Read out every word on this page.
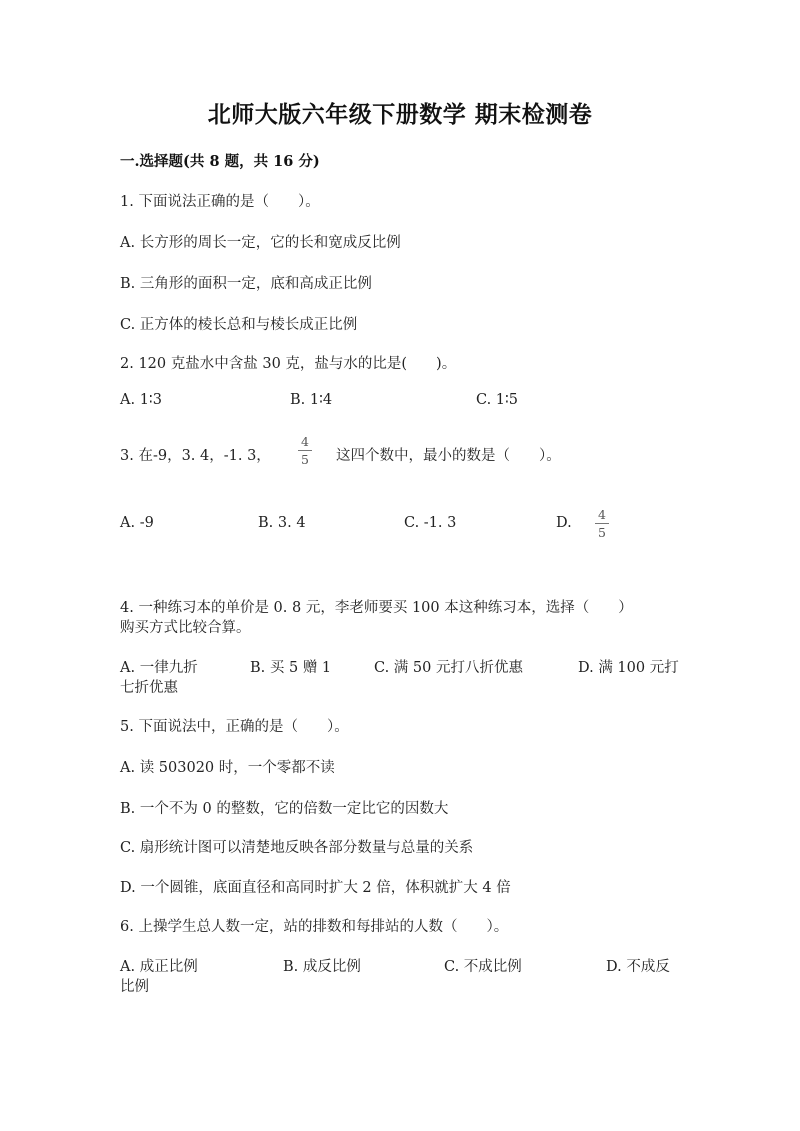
北师大版六年级下册数学 期末检测卷
一.选择题(共 8 题，共 16 分)
1. 下面说法正确的是（　　）。
A. 长方形的周长一定，它的长和宽成反比例
B. 三角形的面积一定，底和高成正比例
C. 正方体的棱长总和与棱长成正比例
2. 120 克盐水中含盐 30 克，盐与水的比是(　　)。
A. 1∶3	B. 1∶4	C. 1∶5
3. 在-9，3. 4，-1. 3，
4
5 这四个数中，最小的数是（　　）。
A. -9	B. 3. 4	C. -1. 3	D.
4
5
4. 一种练习本的单价是 0. 8 元，李老师要买 100 本这种练习本，选择（　　）
购买方式比较合算。
A. 一律九折	B. 买 5 赠 1	C. 满 50 元打八折优惠	D. 满 100 元打
七折优惠
5. 下面说法中，正确的是（　　）。
A. 读 503020 时，一个零都不读
B. 一个不为 0 的整数，它的倍数一定比它的因数大
C. 扇形统计图可以清楚地反映各部分数量与总量的关系
D. 一个圆锥，底面直径和高同时扩大 2 倍，体积就扩大 4 倍
6. 上操学生总人数一定，站的排数和每排站的人数（　　）。
A. 成正比例	B. 成反比例	C. 不成比例	D. 不成反
比例
